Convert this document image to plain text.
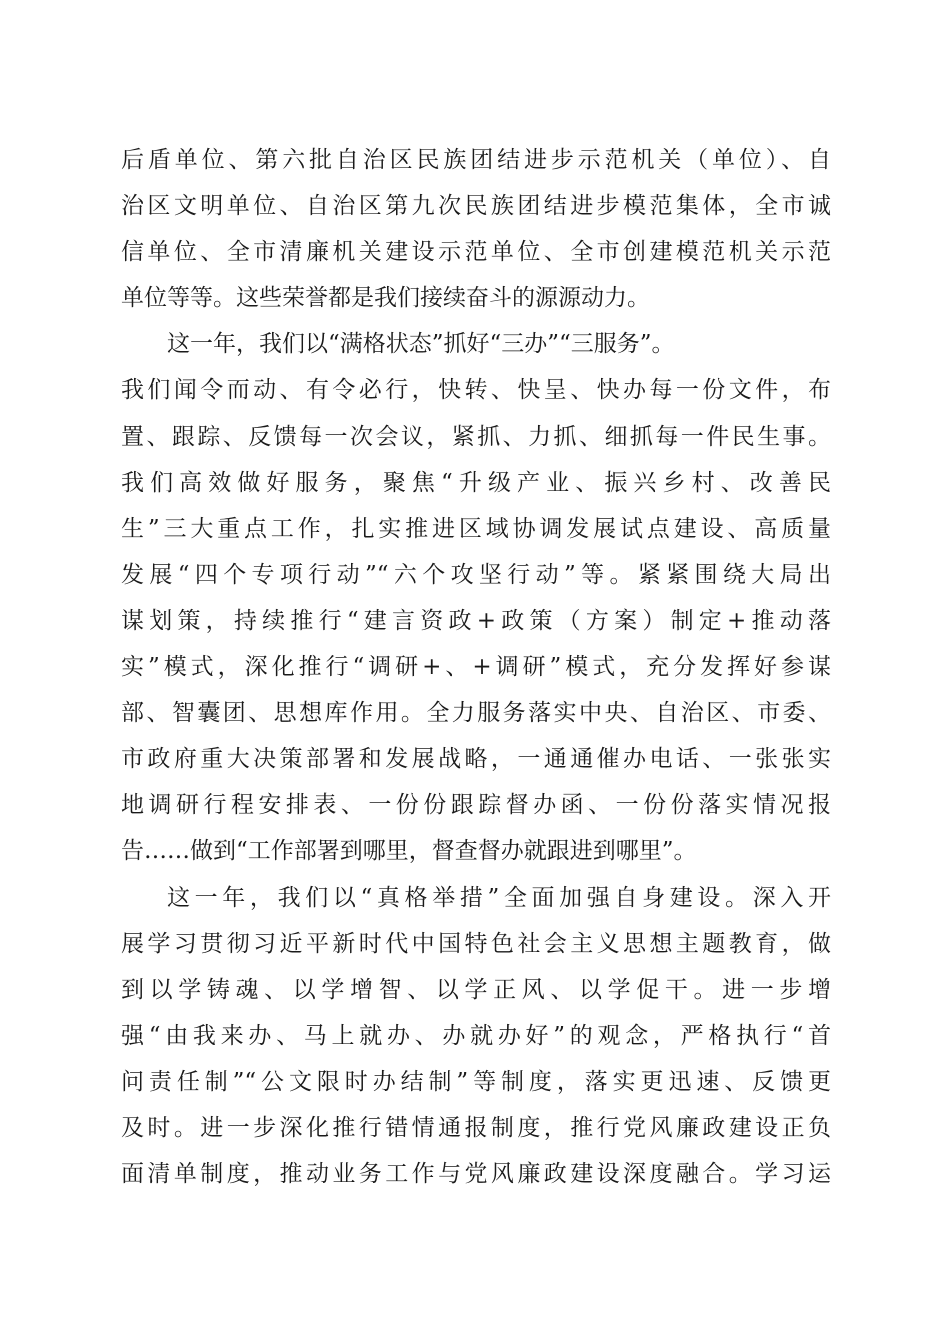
后盾单位、第六批自治区民族团结进步示范机关（单位）、自
治区文明单位、自治区第九次民族团结进步模范集体，全市诚
信单位、全市清廉机关建设示范单位、全市创建模范机关示范
单位等等。这些荣誉都是我们接续奋斗的源源动力。
这一年，我们以“满格状态”抓好“三办”“三服务”。
我们闻令而动、有令必行，快转、快呈、快办每一份文件，布
置、跟踪、反馈每一次会议，紧抓、力抓、细抓每一件民生事。
我们高效做好服务，聚焦“升级产业、振兴乡村、改善民
生”三大重点工作，扎实推进区域协调发展试点建设、高质量
发展“四个专项行动”“六个攻坚行动”等。紧紧围绕大局出
谋划策，持续推行“建言资政+政策（方案）制定+推动落
实”模式，深化推行“调研+、+调研”模式，充分发挥好参谋
部、智囊团、思想库作用。全力服务落实中央、自治区、市委、
市政府重大决策部署和发展战略，一通通催办电话、一张张实
地调研行程安排表、一份份跟踪督办函、一份份落实情况报
告……做到“工作部署到哪里，督查督办就跟进到哪里”。
这一年，我们以“真格举措”全面加强自身建设。深入开
展学习贯彻习近平新时代中国特色社会主义思想主题教育，做
到以学铸魂、以学增智、以学正风、以学促干。进一步增
强“由我来办、马上就办、办就办好”的观念，严格执行“首
问责任制”“公文限时办结制”等制度，落实更迅速、反馈更
及时。进一步深化推行错情通报制度，推行党风廉政建设正负
面清单制度，推动业务工作与党风廉政建设深度融合。学习运
